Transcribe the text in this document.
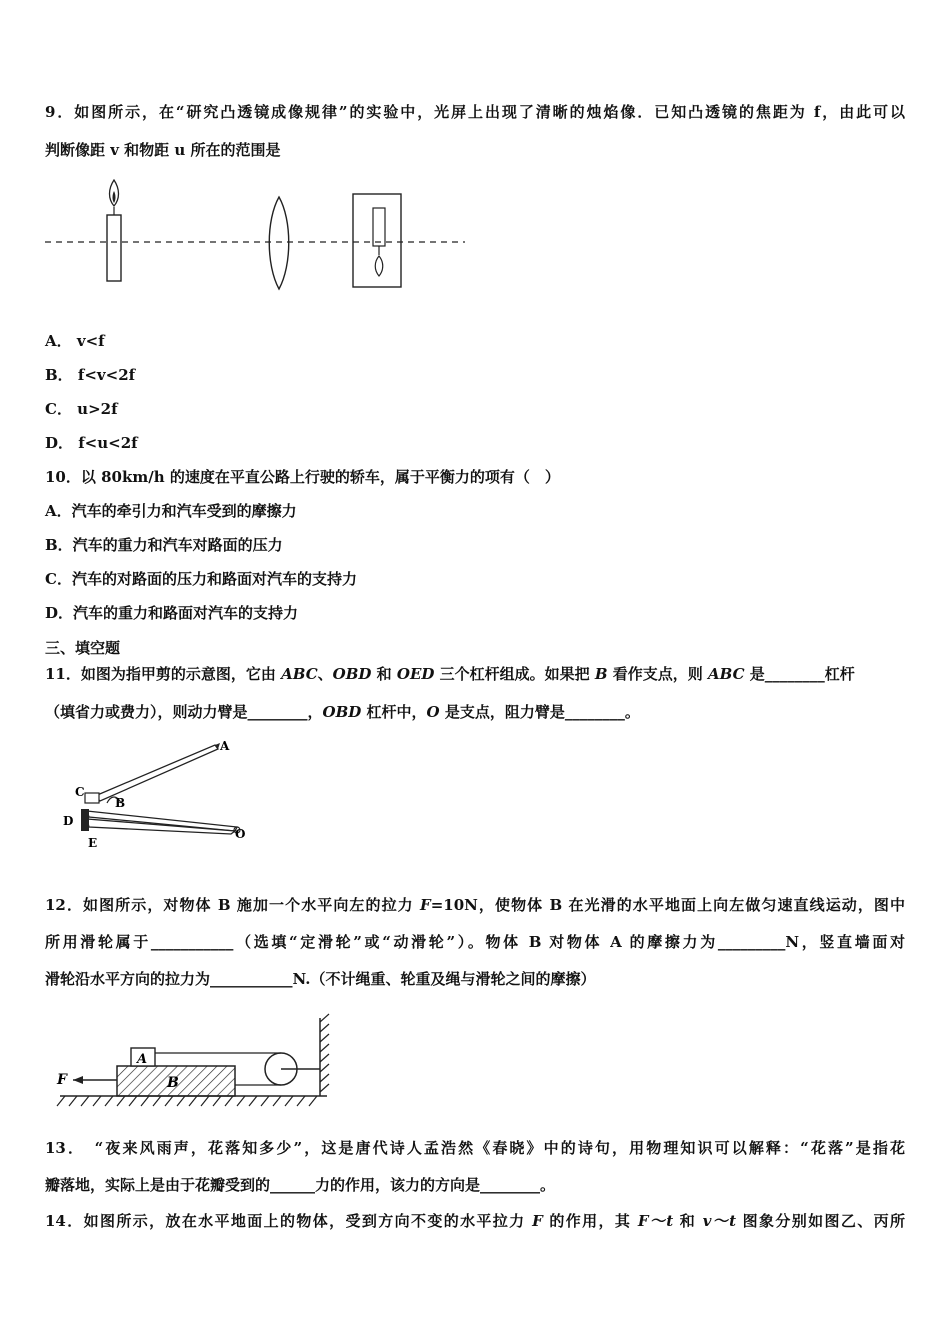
9．如图所示，在“研究凸透镜成像规律”的实验中，光屏上出现了清晰的烛焰像．已知凸透镜的焦距为 f，由此可以
判断像距 v 和物距 u 所在的范围是
A． v<f
B． f<v<2f
C． u>2f
D． f<u<2f
10．以 80km/h 的速度在平直公路上行驶的轿车，属于平衡力的项有（　）
A．汽车的牵引力和汽车受到的摩擦力
B．汽车的重力和汽车对路面的压力
C．汽车的对路面的压力和路面对汽车的支持力
D．汽车的重力和路面对汽车的支持力
三、填空题
11．如图为指甲剪的示意图，它由 ABC、OBD 和 OED 三个杠杆组成。如果把 B 看作支点，则 ABC 是________杠杆
（填省力或费力），则动力臂是________，OBD 杠杆中，O 是支点，阻力臂是________。
A
B
C
D
E
O
12．如图所示，对物体 B 施加一个水平向左的拉力 F=10N，使物体 B 在光滑的水平地面上向左做匀速直线运动，图中
所用滑轮属于___________（选填“定滑轮”或“动滑轮”）。物体 B 对物体 A 的摩擦力为_________N，竖直墙面对
滑轮沿水平方向的拉力为___________N.（不计绳重、轮重及绳与滑轮之间的摩擦）
A
B
F
13．　“夜来风雨声，花落知多少”，这是唐代诗人孟浩然《春晓》中的诗句，用物理知识可以解释：“花落”是指花
瓣落地，实际上是由于花瓣受到的______力的作用，该力的方向是________。
14．如图所示，放在水平地面上的物体，受到方向不变的水平拉力 F 的作用，其 F～t 和 v～t 图象分别如图乙、丙所
